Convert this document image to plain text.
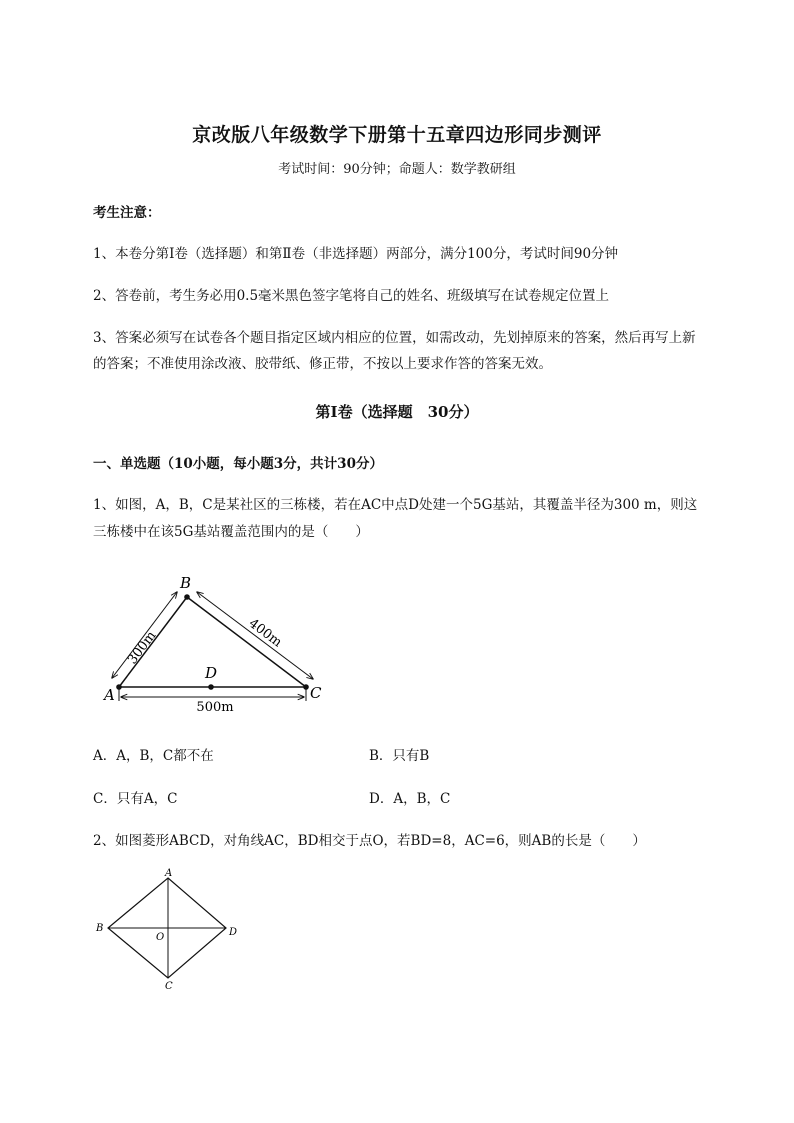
京改版八年级数学下册第十五章四边形同步测评
考试时间：90分钟；命题人：数学教研组
考生注意：
1、本卷分第I卷（选择题）和第Ⅱ卷（非选择题）两部分，满分100分，考试时间90分钟
2、答卷前，考生务必用0.5毫米黑色签字笔将自己的姓名、班级填写在试卷规定位置上
3、答案必须写在试卷各个题目指定区域内相应的位置，如需改动，先划掉原来的答案，然后再写上新
的答案；不准使用涂改液、胶带纸、修正带，不按以上要求作答的答案无效。
第I卷（选择题　30分）
一、单选题（10小题，每小题3分，共计30分）
1、如图，A，B，C是某社区的三栋楼，若在AC中点D处建一个5G基站，其覆盖半径为300 m，则这
三栋楼中在该5G基站覆盖范围内的是（　　）
A
B
C
D
300m	400m
500m
A．A，B，C都不在	B．只有B
C．只有A，C	D．A，B，C
2、如图菱形ABCD，对角线AC，BD相交于点O，若BD=8，AC=6，则AB的长是（　　）
A
B
C
D
O
